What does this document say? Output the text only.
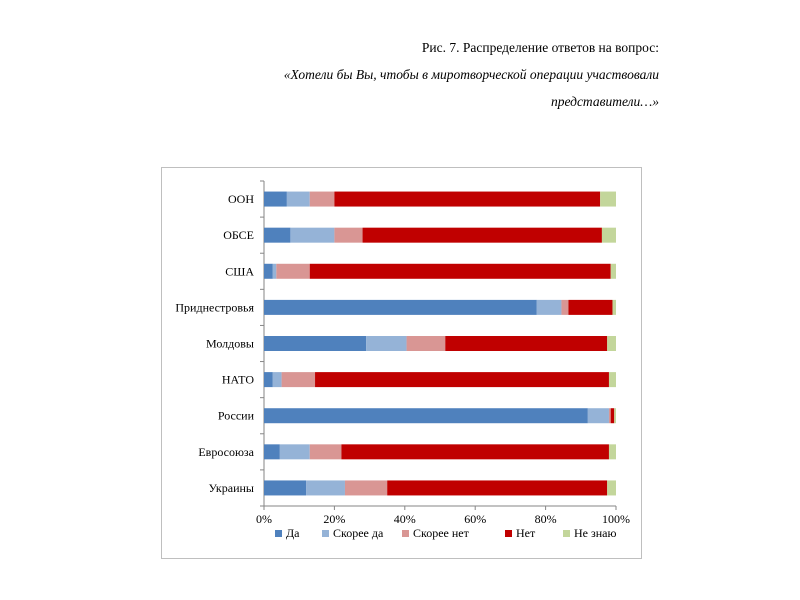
Рис. 7. Распределение ответов на вопрос:
«Хотели бы Вы, чтобы в миротворческой операции участвовали
представители…»
ООН
ОБСЕ
США
Приднестровья
Молдовы
НАТО
России
Евросоюза
Украины
0%	20%	40%	60%	80%	100%
Да	Скорее да Скорее нет	Нет	Не знаю
